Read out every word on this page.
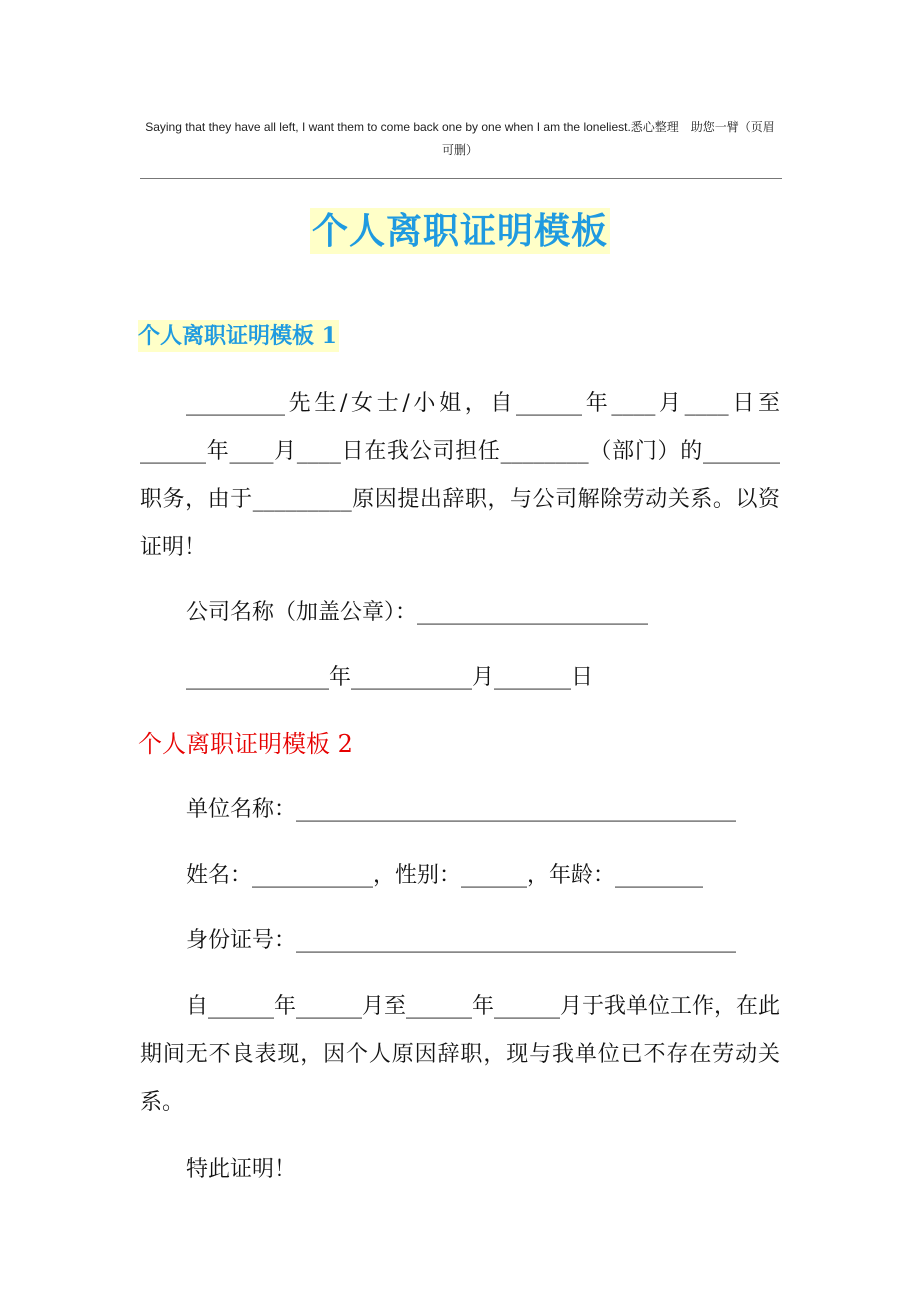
Saying that they have all left, I want them to come back one by one when I am the loneliest.悉心整理　助您一臂（页眉可删）
个人离职证明模板
个人离职证明模板 1
_________先生/女士/小姐，自______年____月____日至______年____月____日在我公司担任________（部门）的_______职务，由于_________原因提出辞职，与公司解除劳动关系。以资证明！
公司名称（加盖公章）：_____________________
_____________年___________月_______日
个人离职证明模板 2
单位名称：________________________________________
姓名：___________，性别：______，年龄：________
身份证号：________________________________________
自______年______月至______年______月于我单位工作，在此期间无不良表现，因个人原因辞职，现与我单位已不存在劳动关系。
特此证明！
